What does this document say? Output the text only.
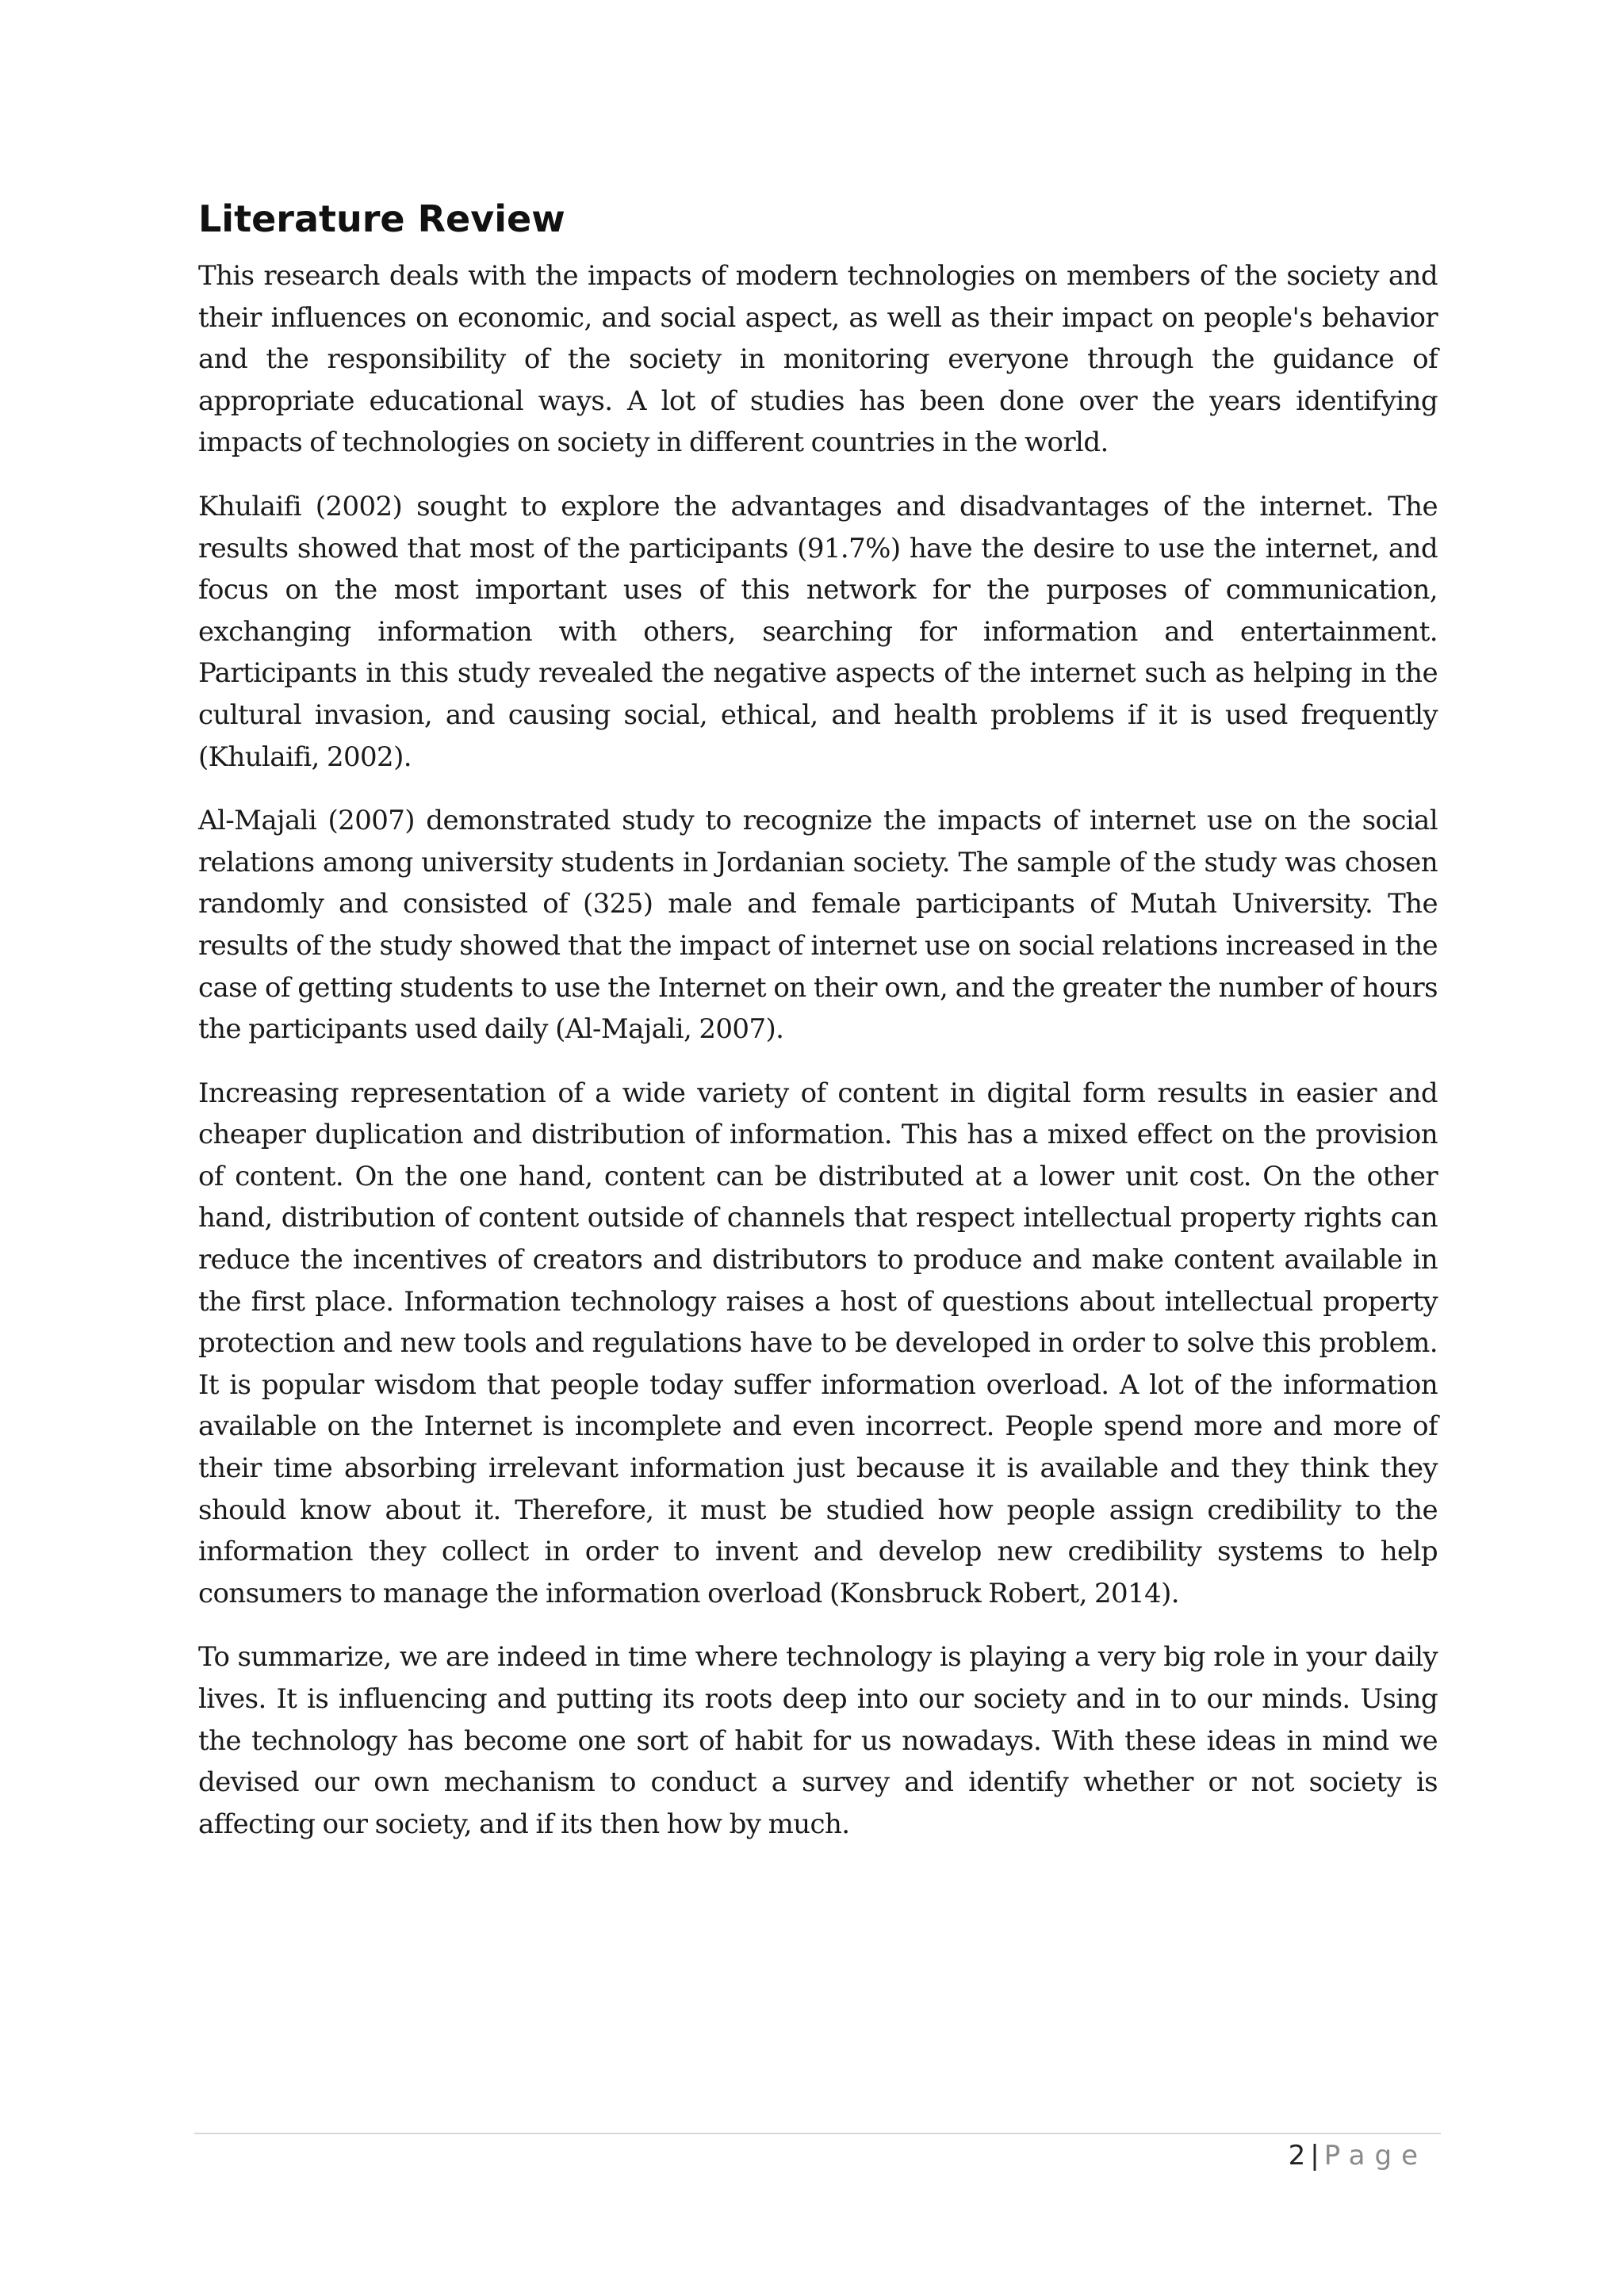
Literature Review

This research deals with the impacts of modern technologies on members of the society and their influences on economic, and social aspect, as well as their impact on people's behavior and the responsibility of the society in monitoring everyone through the guidance of appropriate educational ways. A lot of studies has been done over the years identifying impacts of technologies on society in different countries in the world.

Khulaifi (2002) sought to explore the advantages and disadvantages of the internet. The results showed that most of the participants (91.7%) have the desire to use the internet, and focus on the most important uses of this network for the purposes of communication, exchanging information with others, searching for information and entertainment. Participants in this study revealed the negative aspects of the internet such as helping in the cultural invasion, and causing social, ethical, and health problems if it is used frequently (Khulaifi, 2002).

Al-Majali (2007) demonstrated study to recognize the impacts of internet use on the social relations among university students in Jordanian society. The sample of the study was chosen randomly and consisted of (325) male and female participants of Mutah University. The results of the study showed that the impact of internet use on social relations increased in the case of getting students to use the Internet on their own, and the greater the number of hours the participants used daily (Al-Majali, 2007).

Increasing representation of a wide variety of content in digital form results in easier and cheaper duplication and distribution of information. This has a mixed effect on the provision of content. On the one hand, content can be distributed at a lower unit cost. On the other hand, distribution of content outside of channels that respect intellectual property rights can reduce the incentives of creators and distributors to produce and make content available in the first place. Information technology raises a host of questions about intellectual property protection and new tools and regulations have to be developed in order to solve this problem. It is popular wisdom that people today suffer information overload. A lot of the information available on the Internet is incomplete and even incorrect. People spend more and more of their time absorbing irrelevant information just because it is available and they think they should know about it. Therefore, it must be studied how people assign credibility to the information they collect in order to invent and develop new credibility systems to help consumers to manage the information overload (Konsbruck Robert, 2014).

To summarize, we are indeed in time where technology is playing a very big role in your daily lives. It is influencing and putting its roots deep into our society and in to our minds. Using the technology has become one sort of habit for us nowadays. With these ideas in mind we devised our own mechanism to conduct a survey and identify whether or not society is affecting our society, and if its then how by much.

2 | Page
